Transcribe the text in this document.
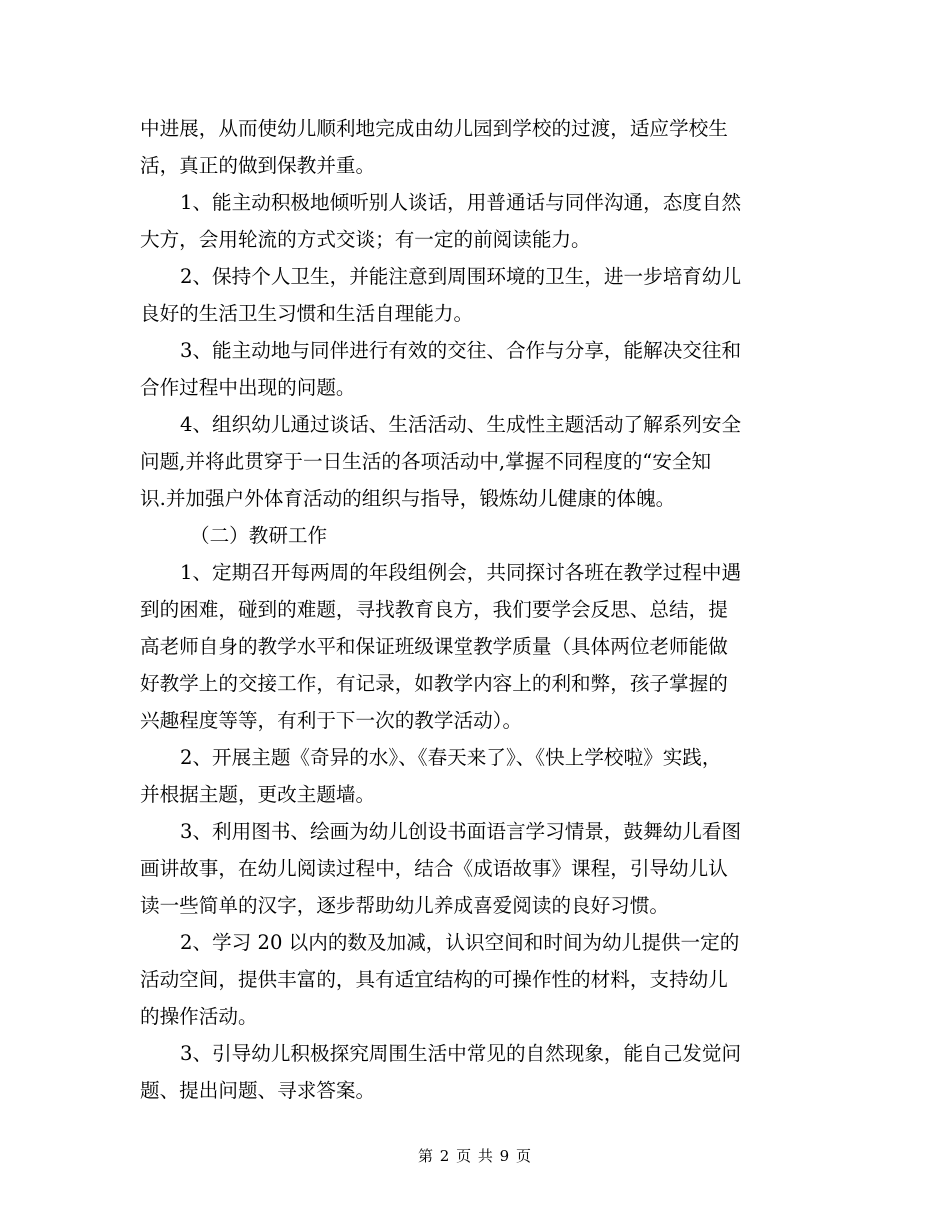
中进展，从而使幼儿顺利地完成由幼儿园到学校的过渡，适应学校生
活，真正的做到保教并重。
1、能主动积极地倾听别人谈话，用普通话与同伴沟通，态度自然
大方，会用轮流的方式交谈；有一定的前阅读能力。
2、保持个人卫生，并能注意到周围环境的卫生，进一步培育幼儿
良好的生活卫生习惯和生活自理能力。
3、能主动地与同伴进行有效的交往、合作与分享，能解决交往和
合作过程中出现的问题。
4、组织幼儿通过谈话、生活活动、生成性主题活动了解系列安全
问题,并将此贯穿于一日生活的各项活动中,掌握不同程度的“安全知
识.并加强户外体育活动的组织与指导，锻炼幼儿健康的体魄。
（二）教研工作
1、定期召开每两周的年段组例会，共同探讨各班在教学过程中遇
到的困难，碰到的难题，寻找教育良方，我们要学会反思、总结，提
高老师自身的教学水平和保证班级课堂教学质量（具体两位老师能做
好教学上的交接工作，有记录，如教学内容上的利和弊，孩子掌握的
兴趣程度等等，有利于下一次的教学活动）。
2、开展主题《奇异的水》、《春天来了》、《快上学校啦》实践，
并根据主题，更改主题墙。
3、利用图书、绘画为幼儿创设书面语言学习情景，鼓舞幼儿看图
画讲故事，在幼儿阅读过程中，结合《成语故事》课程，引导幼儿认
读一些简单的汉字，逐步帮助幼儿养成喜爱阅读的良好习惯。
2、学习 20 以内的数及加减，认识空间和时间为幼儿提供一定的
活动空间，提供丰富的，具有适宜结构的可操作性的材料，支持幼儿
的操作活动。
3、引导幼儿积极探究周围生活中常见的自然现象，能自己发觉问
题、提出问题、寻求答案。
第 2 页 共 9 页
